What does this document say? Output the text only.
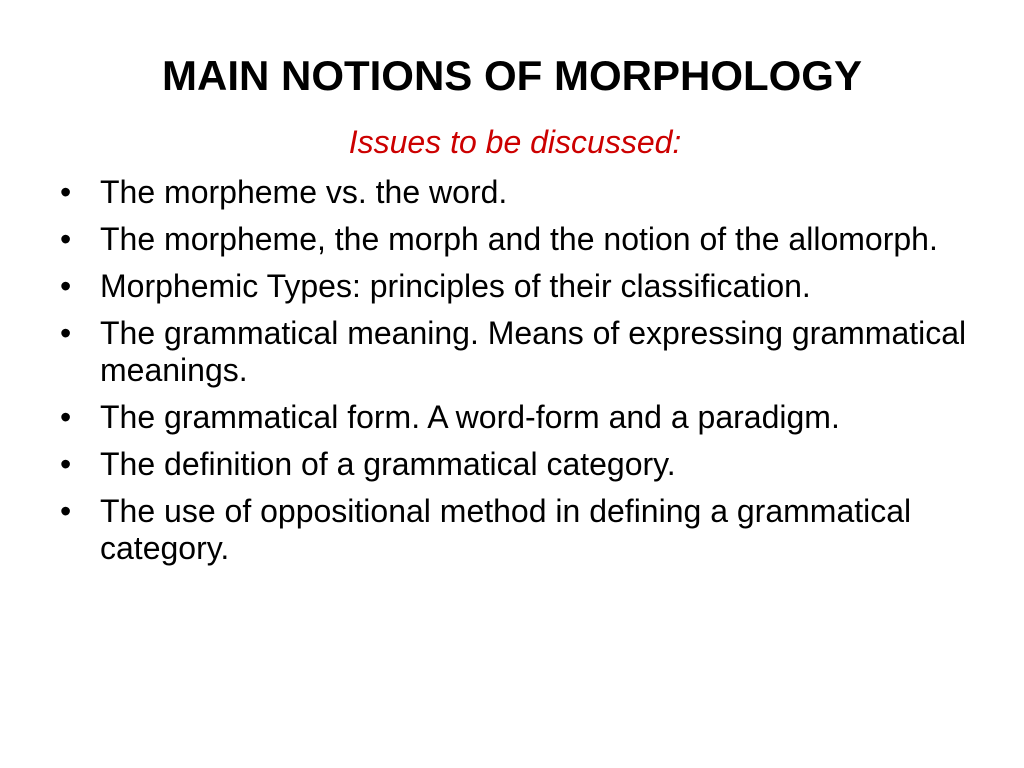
MAIN NOTIONS OF MORPHOLOGY

Issues to be discussed:

• The morpheme vs. the word.
• The morpheme, the morph and the notion of the allomorph.
• Morphemic Types: principles of their classification.
• The grammatical meaning. Means of expressing grammatical meanings.
• The grammatical form. A word-form and a paradigm.
• The definition of a grammatical category.
• The use of oppositional method in defining a grammatical category.
